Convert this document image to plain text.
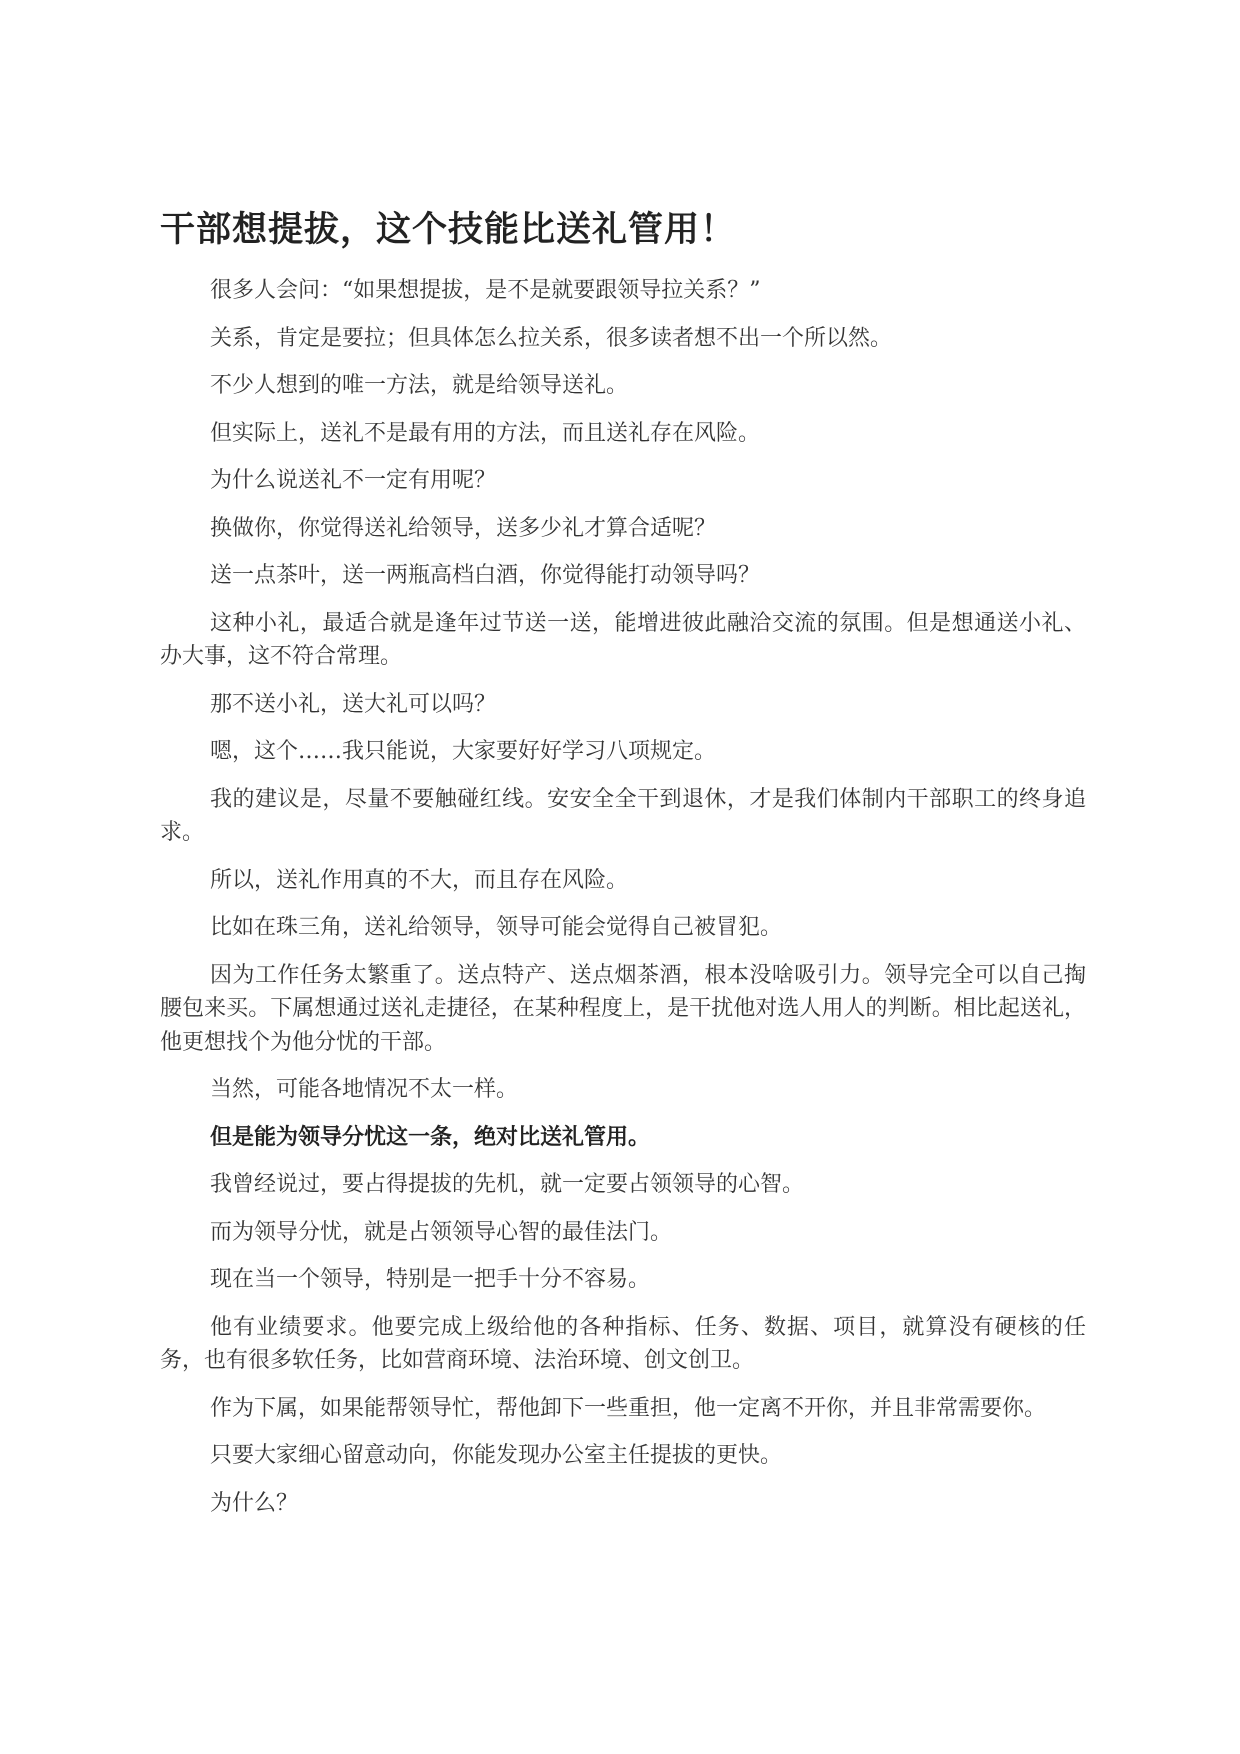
干部想提拔，这个技能比送礼管用！

很多人会问：“如果想提拔，是不是就要跟领导拉关系？”

关系，肯定是要拉；但具体怎么拉关系，很多读者想不出一个所以然。

不少人想到的唯一方法，就是给领导送礼。

但实际上，送礼不是最有用的方法，而且送礼存在风险。

为什么说送礼不一定有用呢？

换做你，你觉得送礼给领导，送多少礼才算合适呢？

送一点茶叶，送一两瓶高档白酒，你觉得能打动领导吗？

这种小礼，最适合就是逢年过节送一送，能增进彼此融洽交流的氛围。但是想通送小礼、办大事，这不符合常理。

那不送小礼，送大礼可以吗？

嗯，这个……我只能说，大家要好好学习八项规定。

我的建议是，尽量不要触碰红线。安安全全干到退休，才是我们体制内干部职工的终身追求。

所以，送礼作用真的不大，而且存在风险。

比如在珠三角，送礼给领导，领导可能会觉得自己被冒犯。

因为工作任务太繁重了。送点特产、送点烟茶酒，根本没啥吸引力。领导完全可以自己掏腰包来买。下属想通过送礼走捷径，在某种程度上，是干扰他对选人用人的判断。相比起送礼，他更想找个为他分忧的干部。

当然，可能各地情况不太一样。

但是能为领导分忧这一条，绝对比送礼管用。

我曾经说过，要占得提拔的先机，就一定要占领领导的心智。

而为领导分忧，就是占领领导心智的最佳法门。

现在当一个领导，特别是一把手十分不容易。

他有业绩要求。他要完成上级给他的各种指标、任务、数据、项目，就算没有硬核的任务，也有很多软任务，比如营商环境、法治环境、创文创卫。

作为下属，如果能帮领导忙，帮他卸下一些重担，他一定离不开你，并且非常需要你。

只要大家细心留意动向，你能发现办公室主任提拔的更快。

为什么？
